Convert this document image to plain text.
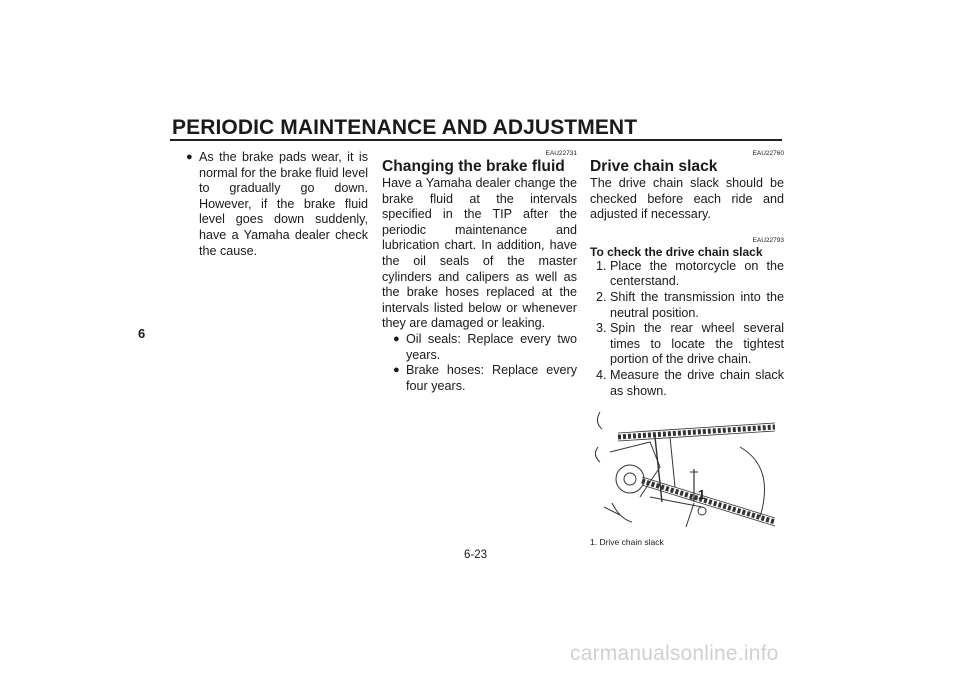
PERIODIC MAINTENANCE AND ADJUSTMENT
6

● As the brake pads wear, it is normal for the brake fluid level to gradually go down. However, if the brake fluid level goes down suddenly, have a Yamaha dealer check the cause.

EAU22731

Changing the brake fluid

Have a Yamaha dealer change the brake fluid at the intervals specified in the TIP after the periodic maintenance and lubrication chart. In addition, have the oil seals of the master cylinders and calipers as well as the brake hoses replaced at the intervals listed below or whenever they are damaged or leaking.

● Oil seals: Replace every two years.

● Brake hoses: Replace every four years.

EAU22760

Drive chain slack

The drive chain slack should be checked before each ride and adjusted if necessary.

EAU22793

To check the drive chain slack

1. Place the motorcycle on the centerstand.

2. Shift the transmission into the neutral position.

3. Spin the rear wheel several times to locate the tightest portion of the drive chain.

4. Measure the drive chain slack as shown.

1

1. Drive chain slack

6-23
carmanualsonline.info
